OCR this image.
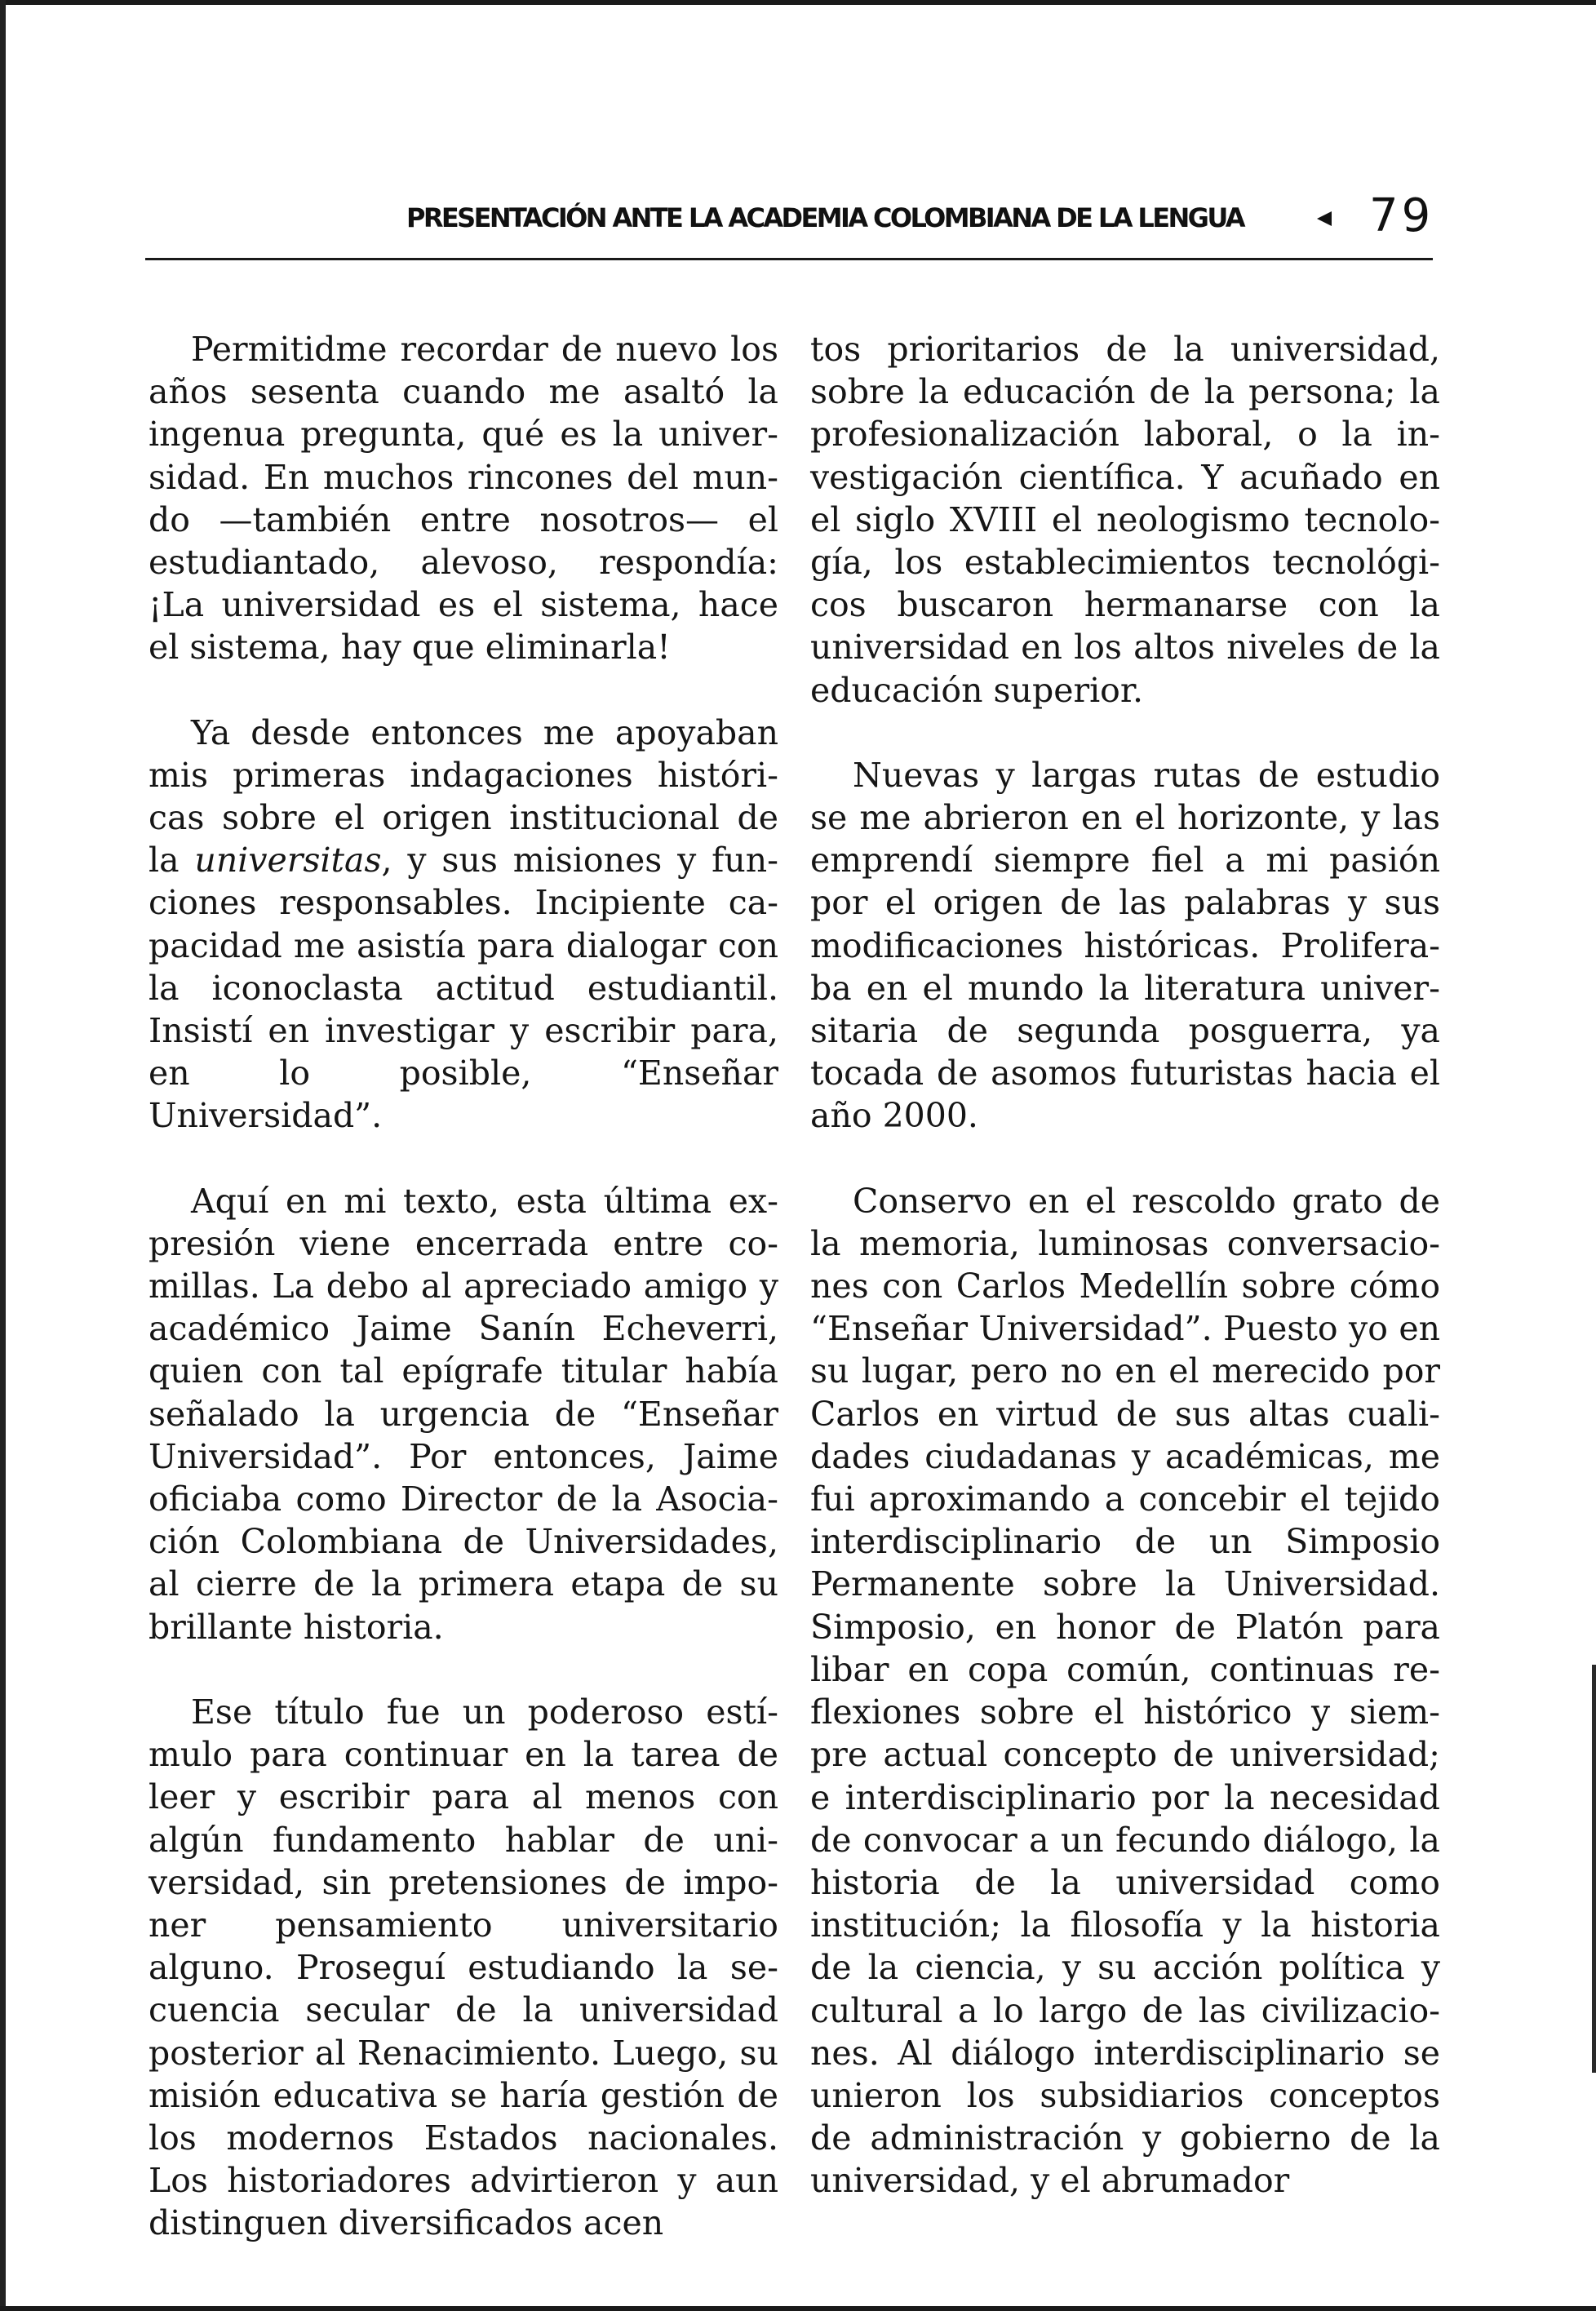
PRESENTACIÓN ANTE LA ACADEMIA COLOMBIANA DE LA LENGUA	79

Permitidme recordar de nuevo los años sesenta cuando me asaltó la ingenua pregunta, qué es la universidad. En muchos rincones del mundo —también entre nosotros— el estudiantado, alevoso, respondía: ¡La universidad es el sistema, hace el sistema, hay que eliminarla!

Ya desde entonces me apoyaban mis primeras indagaciones históricas sobre el origen institucional de la universitas, y sus misiones y funciones responsables. Incipiente capacidad me asistía para dialogar con la iconoclasta actitud estudiantil. Insistí en investigar y escribir para, en lo posible, “Enseñar Universidad”.

Aquí en mi texto, esta última expresión viene encerrada entre comillas. La debo al apreciado amigo y académico Jaime Sanín Echeverri, quien con tal epígrafe titular había señalado la urgencia de “Enseñar Universidad”. Por entonces, Jaime oficiaba como Director de la Asociación Colombiana de Universidades, al cierre de la primera etapa de su brillante historia.

Ese título fue un poderoso estímulo para continuar en la tarea de leer y escribir para al menos con algún fundamento hablar de universidad, sin pretensiones de imponer pensamiento universitario alguno. Proseguí estudiando la secuencia secular de la universidad posterior al Renacimiento. Luego, su misión educativa se haría gestión de los modernos Estados nacionales. Los historiadores advirtieron y aun distinguen diversificados acen

tos prioritarios de la universidad, sobre la educación de la persona; la profesionalización laboral, o la investigación científica. Y acuñado en el siglo XVIII el neologismo tecnología, los establecimientos tecnológicos buscaron hermanarse con la universidad en los altos niveles de la educación superior.

Nuevas y largas rutas de estudio se me abrieron en el horizonte, y las emprendí siempre fiel a mi pasión por el origen de las palabras y sus modificaciones históricas. Proliferaba en el mundo la literatura universitaria de segunda posguerra, ya tocada de asomos futuristas hacia el año 2000.

Conservo en el rescoldo grato de la memoria, luminosas conversaciones con Carlos Medellín sobre cómo “Enseñar Universidad”. Puesto yo en su lugar, pero no en el merecido por Carlos en virtud de sus altas cualidades ciudadanas y académicas, me fui aproximando a concebir el tejido interdisciplinario de un Simposio Permanente sobre la Universidad. Simposio, en honor de Platón para libar en copa común, continuas reflexiones sobre el histórico y siempre actual concepto de universidad; e interdisciplinario por la necesidad de convocar a un fecundo diálogo, la historia de la universidad como institución; la filosofía y la historia de la ciencia, y su acción política y cultural a lo largo de las civilizaciones. Al diálogo interdisciplinario se unieron los subsidiarios conceptos de administración y gobierno de la universidad, y el abrumador
